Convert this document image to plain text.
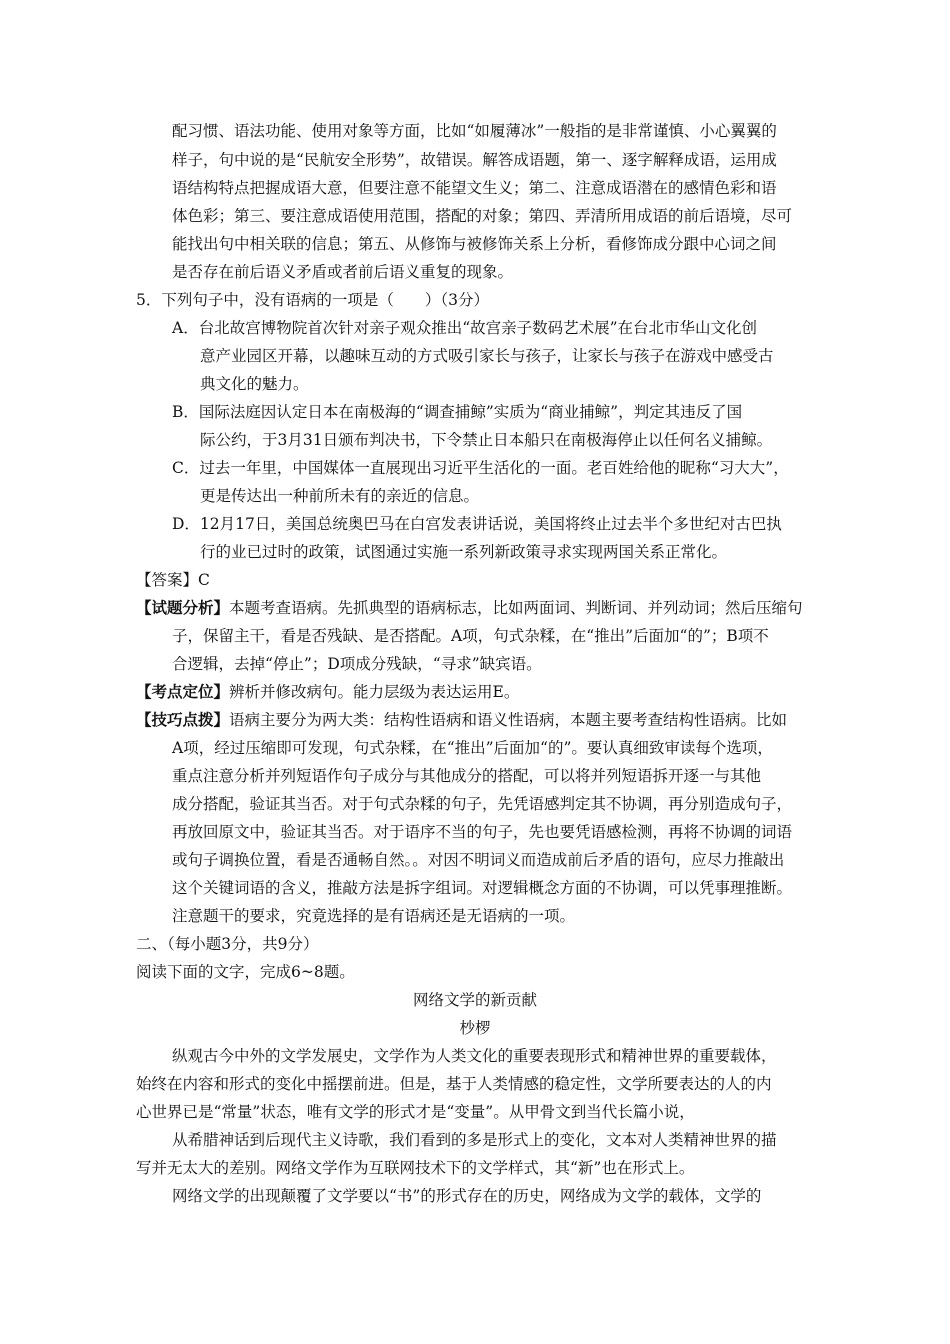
配习惯、语法功能、使用对象等方面，比如“如履薄冰”一般指的是非常谨慎、小心翼翼的
样子，句中说的是“民航安全形势”，故错误。解答成语题，第一、逐字解释成语，运用成
语结构特点把握成语大意，但要注意不能望文生义；第二、注意成语潜在的感情色彩和语
体色彩；第三、要注意成语使用范围，搭配的对象；第四、弄清所用成语的前后语境，尽可
能找出句中相关联的信息；第五、从修饰与被修饰关系上分析，看修饰成分跟中心词之间
是否存在前后语义矛盾或者前后语义重复的现象。
5．下列句子中，没有语病的一项是（　　）（3分）
A．台北故宫博物院首次针对亲子观众推出“故宫亲子数码艺术展”在台北市华山文化创
意产业园区开幕，以趣味互动的方式吸引家长与孩子，让家长与孩子在游戏中感受古
典文化的魅力。
B．国际法庭因认定日本在南极海的“调查捕鲸”实质为“商业捕鲸”，判定其违反了国
际公约，于3月31日颁布判决书，下令禁止日本船只在南极海停止以任何名义捕鲸。
C．过去一年里，中国媒体一直展现出习近平生活化的一面。老百姓给他的昵称“习大大”，
更是传达出一种前所未有的亲近的信息。
D．12月17日，美国总统奥巴马在白宫发表讲话说，美国将终止过去半个多世纪对古巴执
行的业已过时的政策，试图通过实施一系列新政策寻求实现两国关系正常化。
【答案】C
【试题分析】本题考查语病。先抓典型的语病标志，比如两面词、判断词、并列动词；然后压缩句
子，保留主干，看是否残缺、是否搭配。A项，句式杂糅，在“推出”后面加“的”；B项不
合逻辑，去掉“停止”；D项成分残缺，“寻求”缺宾语。
【考点定位】辨析并修改病句。能力层级为表达运用E。
【技巧点拨】语病主要分为两大类：结构性语病和语义性语病，本题主要考查结构性语病。比如
A项，经过压缩即可发现，句式杂糅，在“推出”后面加“的”。要认真细致审读每个选项，
重点注意分析并列短语作句子成分与其他成分的搭配，可以将并列短语拆开逐一与其他
成分搭配，验证其当否。对于句式杂糅的句子，先凭语感判定其不协调，再分别造成句子，
再放回原文中，验证其当否。对于语序不当的句子，先也要凭语感检测，再将不协调的词语
或句子调换位置，看是否通畅自然。。对因不明词义而造成前后矛盾的语句，应尽力推敲出
这个关键词语的含义，推敲方法是拆字组词。对逻辑概念方面的不协调，可以凭事理推断。
注意题干的要求，究竟选择的是有语病还是无语病的一项。
二、（每小题3分，共9分）
阅读下面的文字，完成6~8题。
网络文学的新贡献
杪椤
纵观古今中外的文学发展史，文学作为人类文化的重要表现形式和精神世界的重要载体，
始终在内容和形式的变化中摇摆前进。但是，基于人类情感的稳定性，文学所要表达的人的内
心世界已是“常量”状态，唯有文学的形式才是“变量”。从甲骨文到当代长篇小说，
从希腊神话到后现代主义诗歌，我们看到的多是形式上的变化，文本对人类精神世界的描
写并无太大的差别。网络文学作为互联网技术下的文学样式，其“新”也在形式上。
网络文学的出现颠覆了文学要以“书”的形式存在的历史，网络成为文学的载体，文学的
